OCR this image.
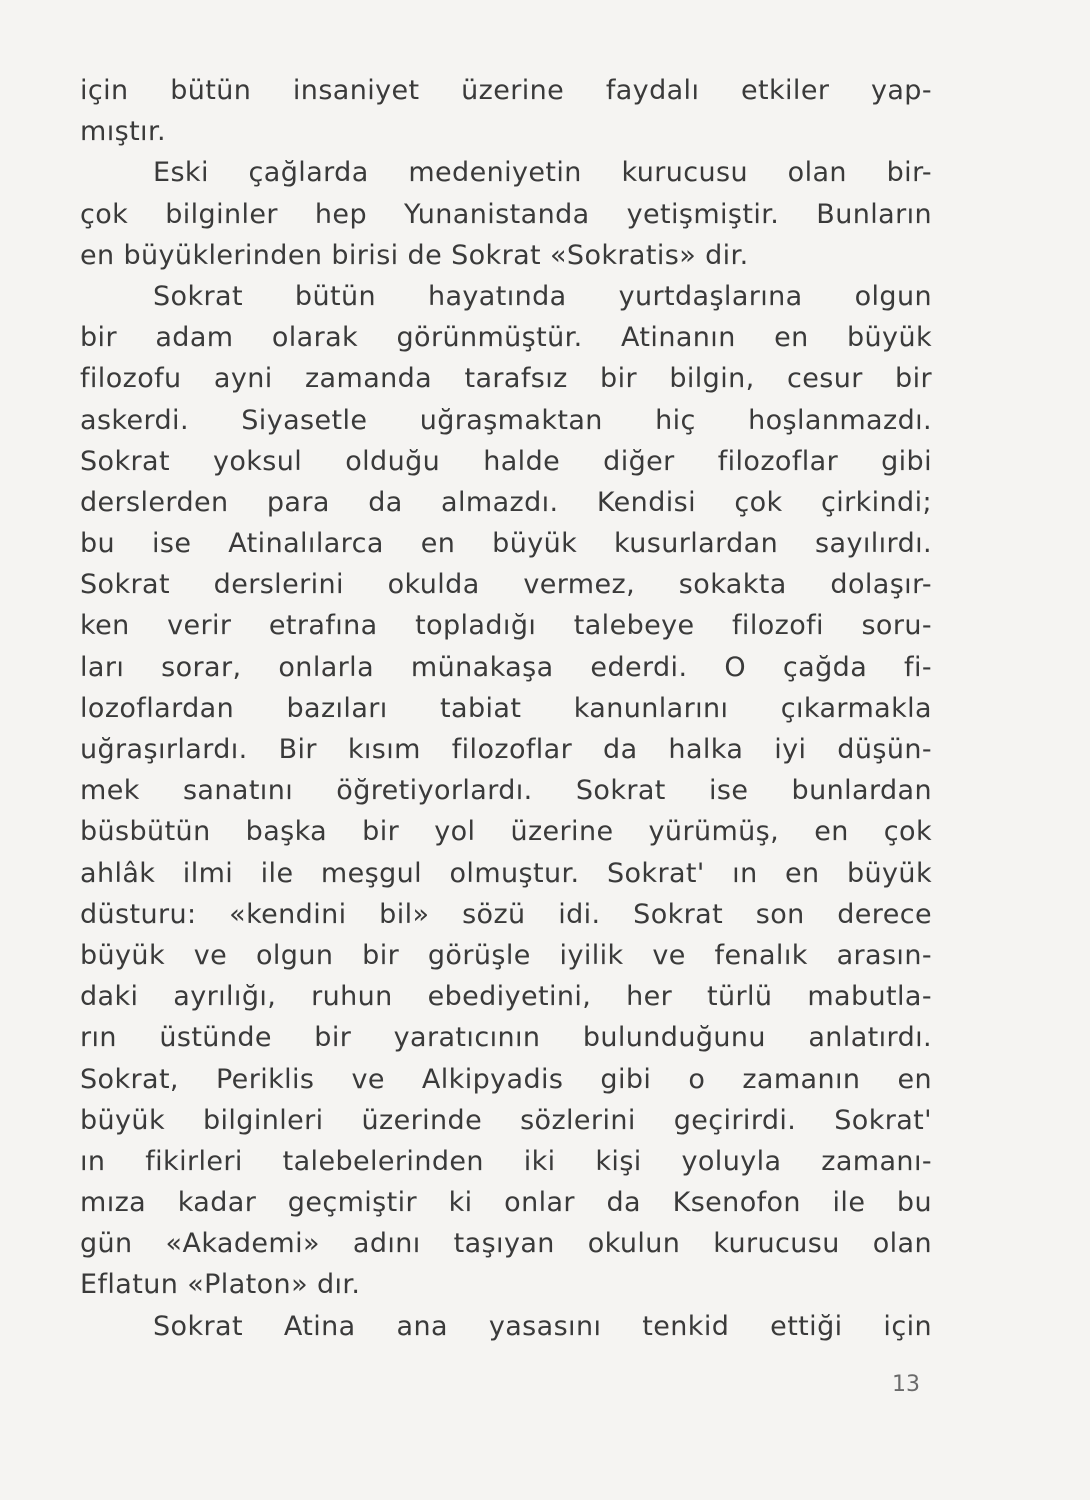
için bütün insaniyet üzerine faydalı etkiler yap-
mıştır.
Eski çağlarda medeniyetin kurucusu olan bir-
çok bilginler hep Yunanistanda yetişmiştir. Bunların
en büyüklerinden birisi de Sokrat «Sokratis» dir.
Sokrat bütün hayatında yurtdaşlarına olgun
bir adam olarak görünmüştür. Atinanın en büyük
filozofu ayni zamanda tarafsız bir bilgin, cesur bir
askerdi. Siyasetle uğraşmaktan hiç hoşlanmazdı.
Sokrat yoksul olduğu halde diğer filozoflar gibi
derslerden para da almazdı. Kendisi çok çirkindi;
bu ise Atinalılarca en büyük kusurlardan sayılırdı.
Sokrat derslerini okulda vermez, sokakta dolaşır-
ken verir etrafına topladığı talebeye filozofi soru-
ları sorar, onlarla münakaşa ederdi. O çağda fi-
lozoflardan bazıları tabiat kanunlarını çıkarmakla
uğraşırlardı. Bir kısım filozoflar da halka iyi düşün-
mek sanatını öğretiyorlardı. Sokrat ise bunlardan
büsbütün başka bir yol üzerine yürümüş, en çok
ahlâk ilmi ile meşgul olmuştur. Sokrat' ın en büyük
düsturu: «kendini bil» sözü idi. Sokrat son derece
büyük ve olgun bir görüşle iyilik ve fenalık arasın-
daki ayrılığı, ruhun ebediyetini, her türlü mabutla-
rın üstünde bir yaratıcının bulunduğunu anlatırdı.
Sokrat, Periklis ve Alkipyadis gibi o zamanın en
büyük bilginleri üzerinde sözlerini geçirirdi. Sokrat'
ın fikirleri talebelerinden iki kişi yoluyla zamanı-
mıza kadar geçmiştir ki onlar da Ksenofon ile bu
gün «Akademi» adını taşıyan okulun kurucusu olan
Eflatun «Platon» dır.
Sokrat Atina ana yasasını tenkid ettiği için
13
